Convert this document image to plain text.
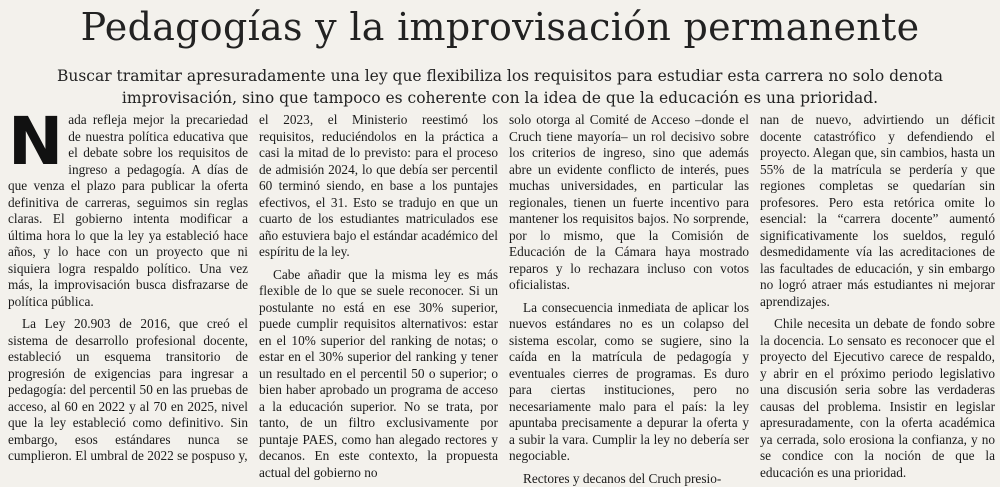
Pedagogías y la improvisación permanente

Buscar tramitar apresuradamente una ley que flexibiliza los requisitos para estudiar esta carrera no solo denota improvisación, sino que tampoco es coherente con la idea de que la educación es una prioridad.

Nada refleja mejor la precariedad de nuestra política educativa que el debate sobre los requisitos de ingreso a pedagogía. A días de que venza el plazo para publicar la oferta definitiva de carreras, seguimos sin reglas claras. El gobierno intenta modificar a última hora lo que la ley ya estableció hace años, y lo hace con un proyecto que ni siquiera logra respaldo político. Una vez más, la improvisación busca disfrazarse de política pública.

La Ley 20.903 de 2016, que creó el sistema de desarrollo profesional docente, estableció un esquema transitorio de progresión de exigencias para ingresar a pedagogía: del percentil 50 en las pruebas de acceso, al 60 en 2022 y al 70 en 2025, nivel que la ley estableció como definitivo. Sin embargo, esos estándares nunca se cumplieron. El umbral de 2022 se pospuso y,

el 2023, el Ministerio reestimó los requisitos, reduciéndolos en la práctica a casi la mitad de lo previsto: para el proceso de admisión 2024, lo que debía ser percentil 60 terminó siendo, en base a los puntajes efectivos, el 31. Esto se tradujo en que un cuarto de los estudiantes matriculados ese año estuviera bajo el estándar académico del espíritu de la ley.

Cabe añadir que la misma ley es más flexible de lo que se suele reconocer. Si un postulante no está en ese 30% superior, puede cumplir requisitos alternativos: estar en el 10% superior del ranking de notas; o estar en el 30% superior del ranking y tener un resultado en el percentil 50 o superior; o bien haber aprobado un programa de acceso a la educación superior. No se trata, por tanto, de un filtro exclusivamente por puntaje PAES, como han alegado rectores y decanos. En este contexto, la propuesta actual del gobierno no

solo otorga al Comité de Acceso –donde el Cruch tiene mayoría– un rol decisivo sobre los criterios de ingreso, sino que además abre un evidente conflicto de interés, pues muchas universidades, en particular las regionales, tienen un fuerte incentivo para mantener los requisitos bajos. No sorprende, por lo mismo, que la Comisión de Educación de la Cámara haya mostrado reparos y lo rechazara incluso con votos oficialistas.

La consecuencia inmediata de aplicar los nuevos estándares no es un colapso del sistema escolar, como se sugiere, sino la caída en la matrícula de pedagogía y eventuales cierres de programas. Es duro para ciertas instituciones, pero no necesariamente malo para el país: la ley apuntaba precisamente a depurar la oferta y a subir la vara. Cumplir la ley no debería ser negociable.

Rectores y decanos del Cruch presio-

nan de nuevo, advirtiendo un déficit docente catastrófico y defendiendo el proyecto. Alegan que, sin cambios, hasta un 55% de la matrícula se perdería y que regiones completas se quedarían sin profesores. Pero esta retórica omite lo esencial: la “carrera docente” aumentó significativamente los sueldos, reguló desmedidamente vía las acreditaciones de las facultades de educación, y sin embargo no logró atraer más estudiantes ni mejorar aprendizajes.

Chile necesita un debate de fondo sobre la docencia. Lo sensato es reconocer que el proyecto del Ejecutivo carece de respaldo, y abrir en el próximo periodo legislativo una discusión seria sobre las verdaderas causas del problema. Insistir en legislar apresuradamente, con la oferta académica ya cerrada, solo erosiona la confianza, y no se condice con la noción de que la educación es una prioridad.
